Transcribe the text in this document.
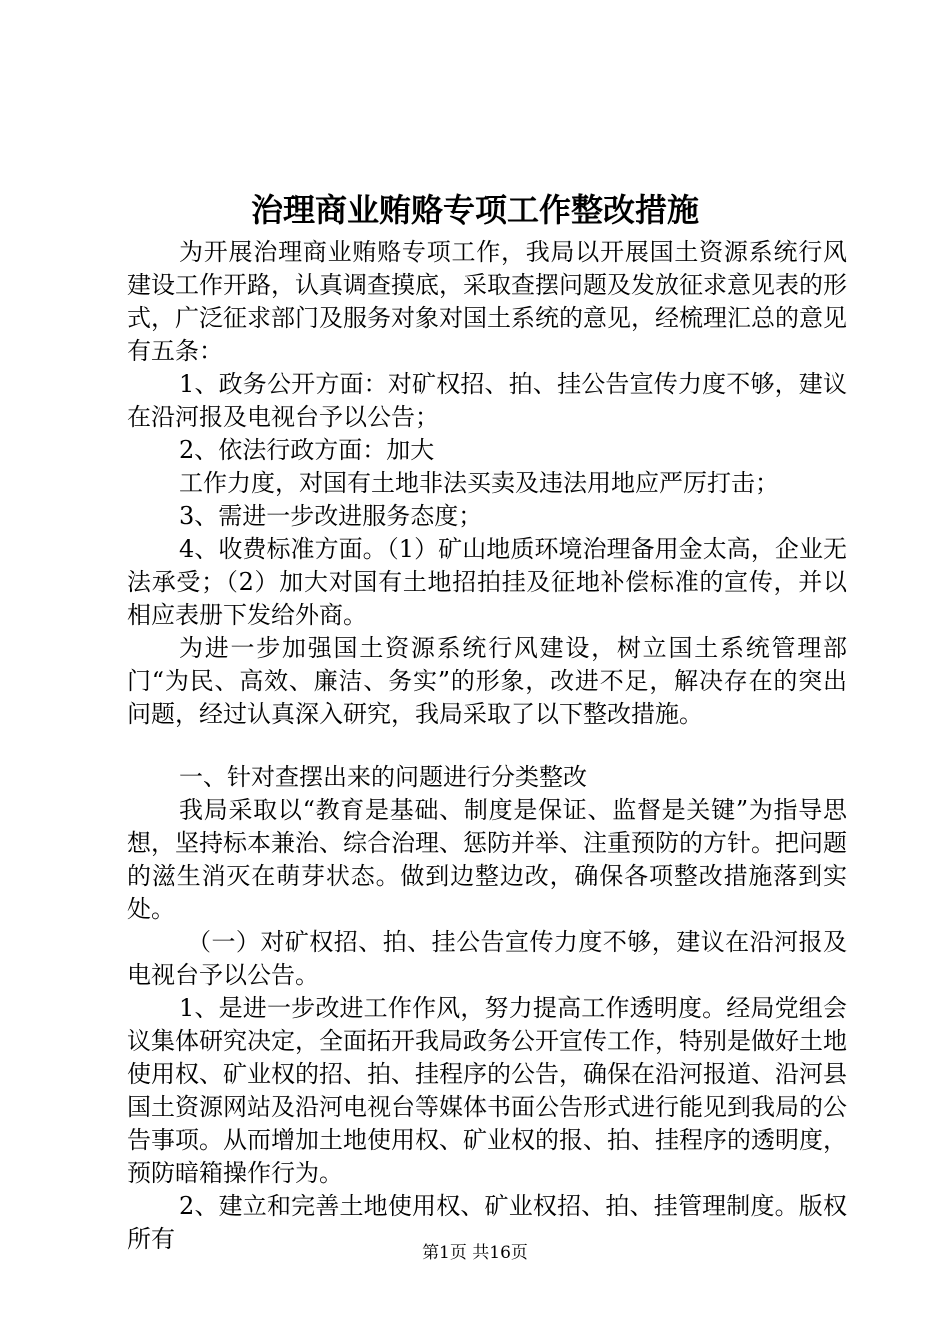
治理商业贿赂专项工作整改措施

为开展治理商业贿赂专项工作，我局以开展国土资源系统行风建设工作开路，认真调查摸底，采取查摆问题及发放征求意见表的形式，广泛征求部门及服务对象对国土系统的意见，经梳理汇总的意见有五条：

1、政务公开方面：对矿权招、拍、挂公告宣传力度不够，建议在沿河报及电视台予以公告；

2、依法行政方面：加大

工作力度，对国有土地非法买卖及违法用地应严厉打击；

3、需进一步改进服务态度；

4、收费标准方面。（1）矿山地质环境治理备用金太高，企业无法承受；（2）加大对国有土地招拍挂及征地补偿标准的宣传，并以相应表册下发给外商。

为进一步加强国土资源系统行风建设，树立国土系统管理部门“为民、高效、廉洁、务实”的形象，改进不足，解决存在的突出问题，经过认真深入研究，我局采取了以下整改措施。

一、针对查摆出来的问题进行分类整改

我局采取以“教育是基础、制度是保证、监督是关键”为指导思想，坚持标本兼治、综合治理、惩防并举、注重预防的方针。把问题的滋生消灭在萌芽状态。做到边整边改，确保各项整改措施落到实处。

（一）对矿权招、拍、挂公告宣传力度不够，建议在沿河报及电视台予以公告。

1、是进一步改进工作作风，努力提高工作透明度。经局党组会议集体研究决定，全面拓开我局政务公开宣传工作，特别是做好土地使用权、矿业权的招、拍、挂程序的公告，确保在沿河报道、沿河县国土资源网站及沿河电视台等媒体书面公告形式进行能见到我局的公告事项。从而增加土地使用权、矿业权的报、拍、挂程序的透明度，预防暗箱操作行为。

2、建立和完善土地使用权、矿业权招、拍、挂管理制度。版权所有	第1页 共16页
